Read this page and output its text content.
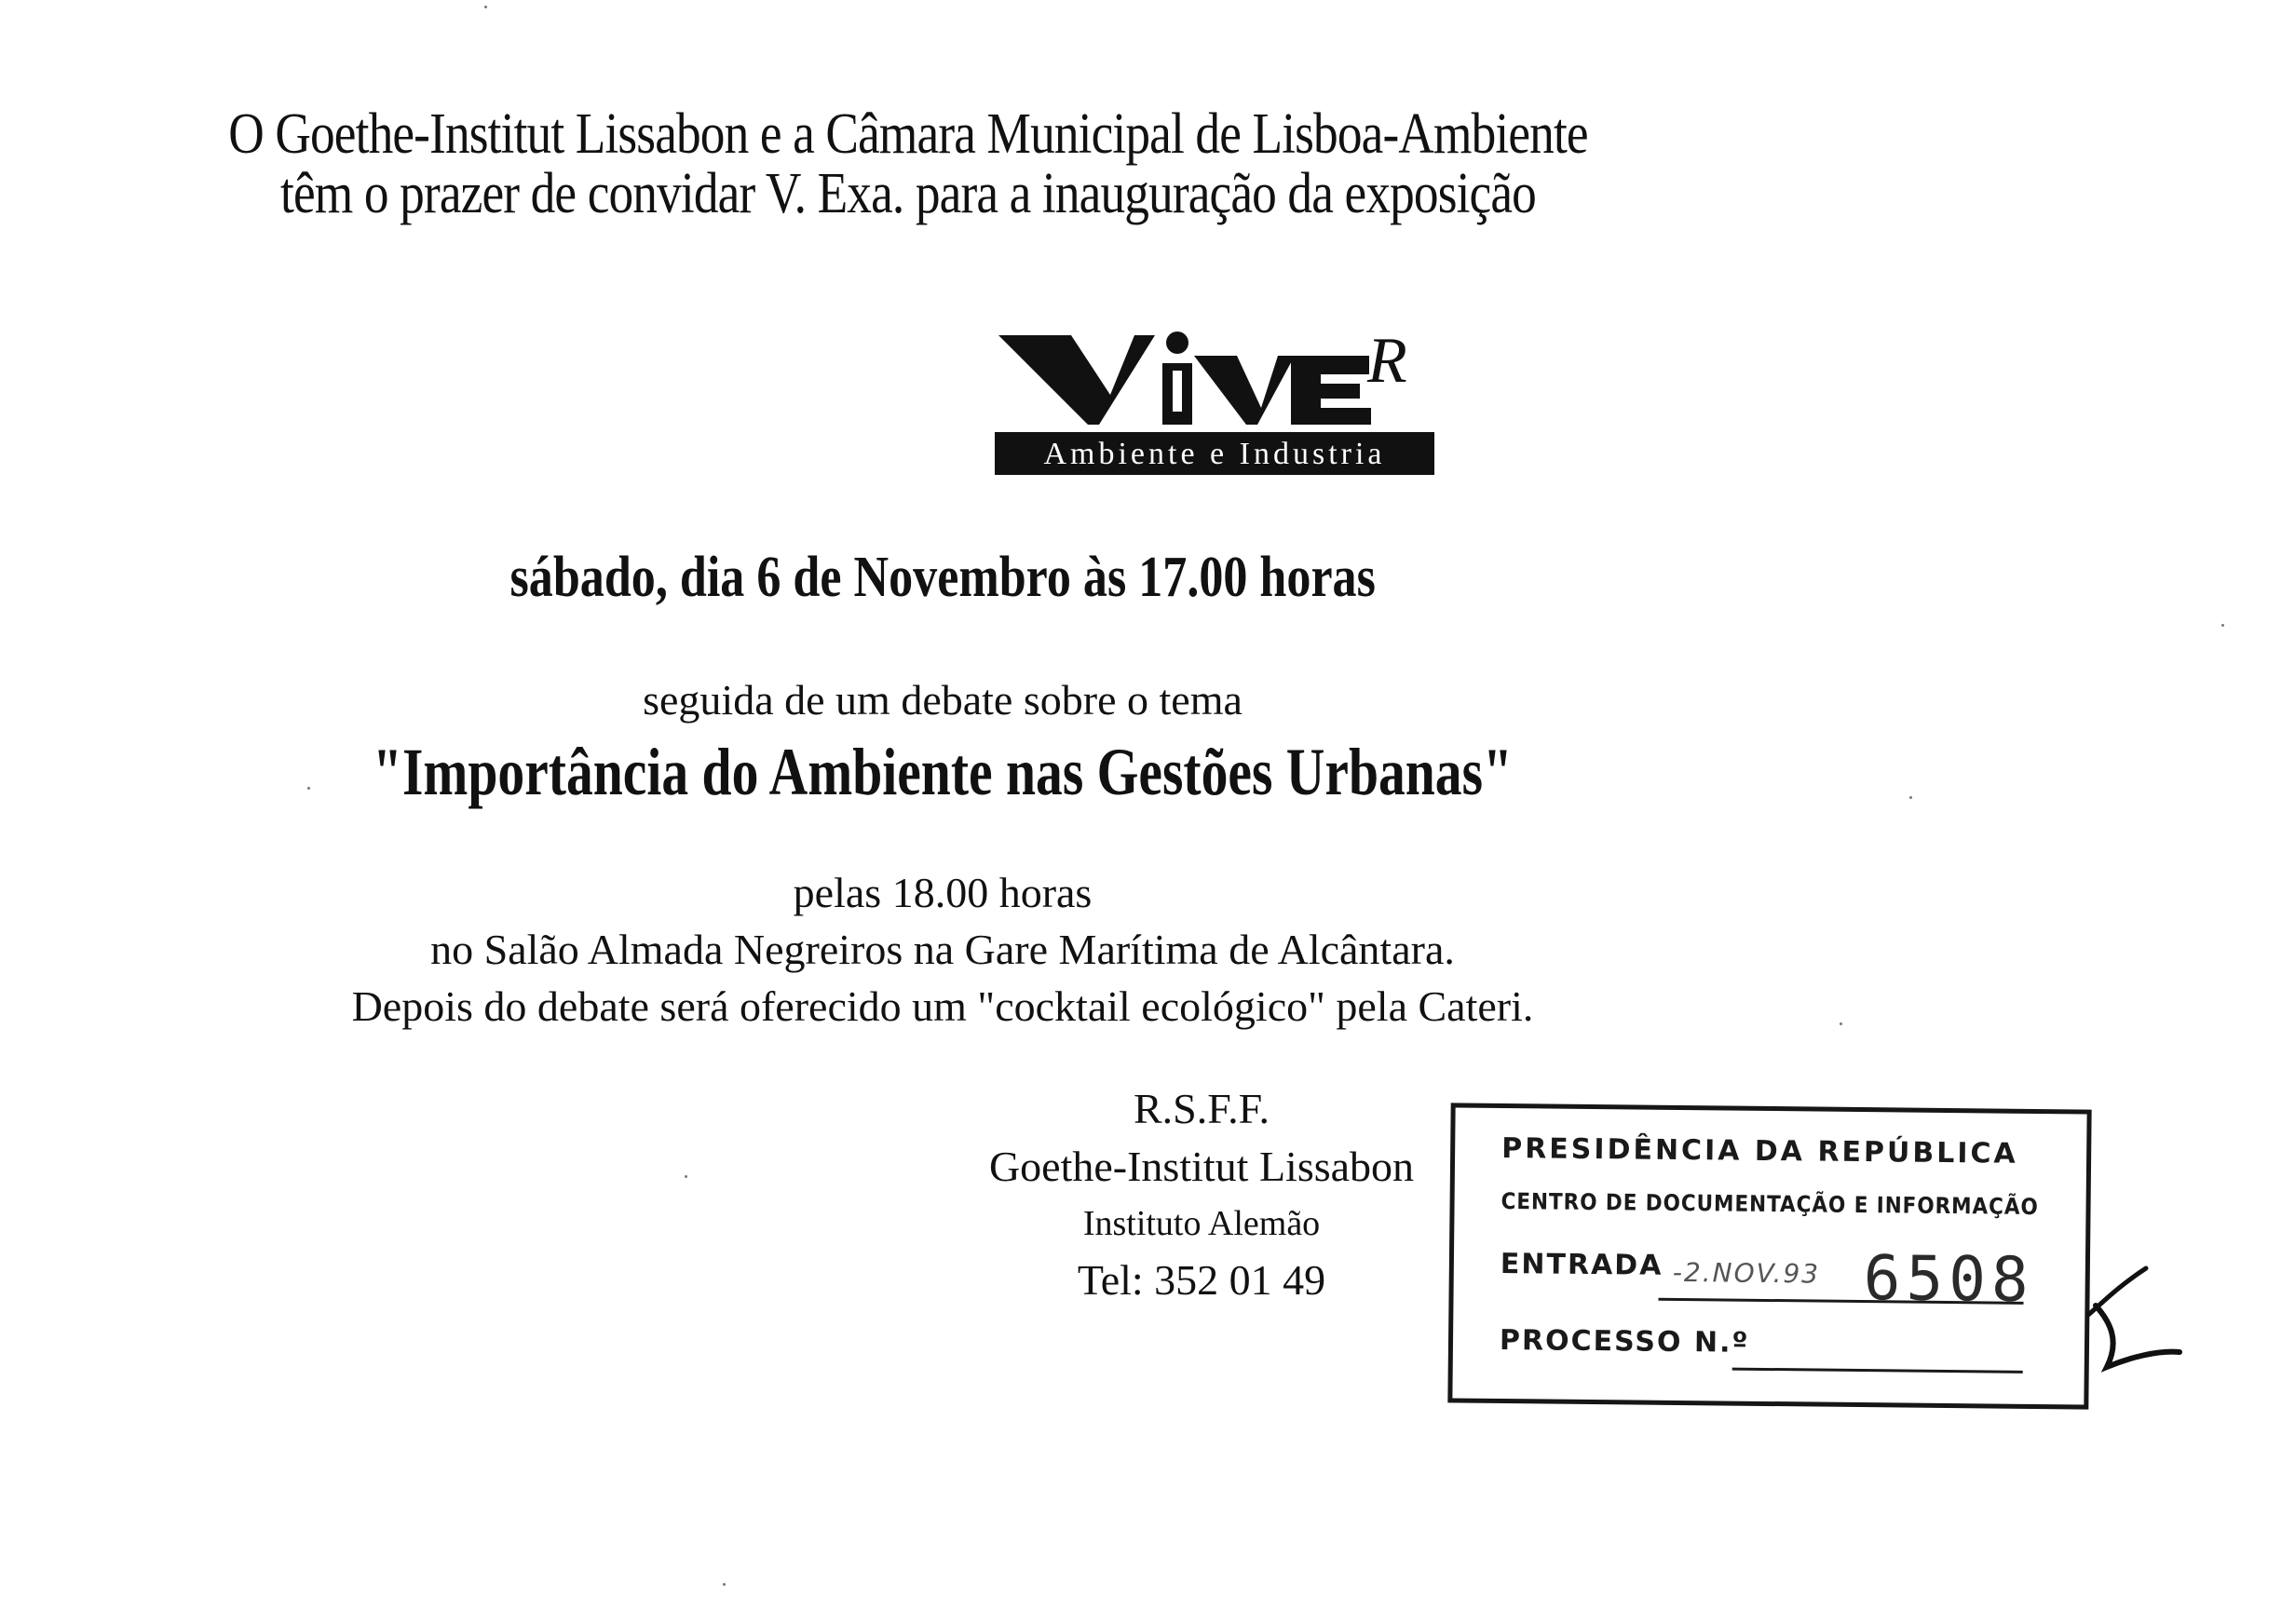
O Goethe-Institut Lissabon e a Câmara Municipal de Lisboa-Ambiente
têm o prazer de convidar V. Exa. para a inauguração da exposição
R
Ambiente e Industria
sábado, dia 6 de Novembro às 17.00 horas
seguida de um debate sobre o tema
"Importância do Ambiente nas Gestões Urbanas"
pelas 18.00 horas
no Salão Almada Negreiros na Gare Marítima de Alcântara.
Depois do debate será oferecido um "cocktail ecológico" pela Cateri.
R.S.F.F.
Goethe-Institut Lissabon
Instituto Alemão
Tel: 352 01 49
PRESIDÊNCIA DA REPÚBLICA
CENTRO DE DOCUMENTAÇÃO E INFORMAÇÃO
ENTRADA -2.NOV.93 6508
PROCESSO N.º
